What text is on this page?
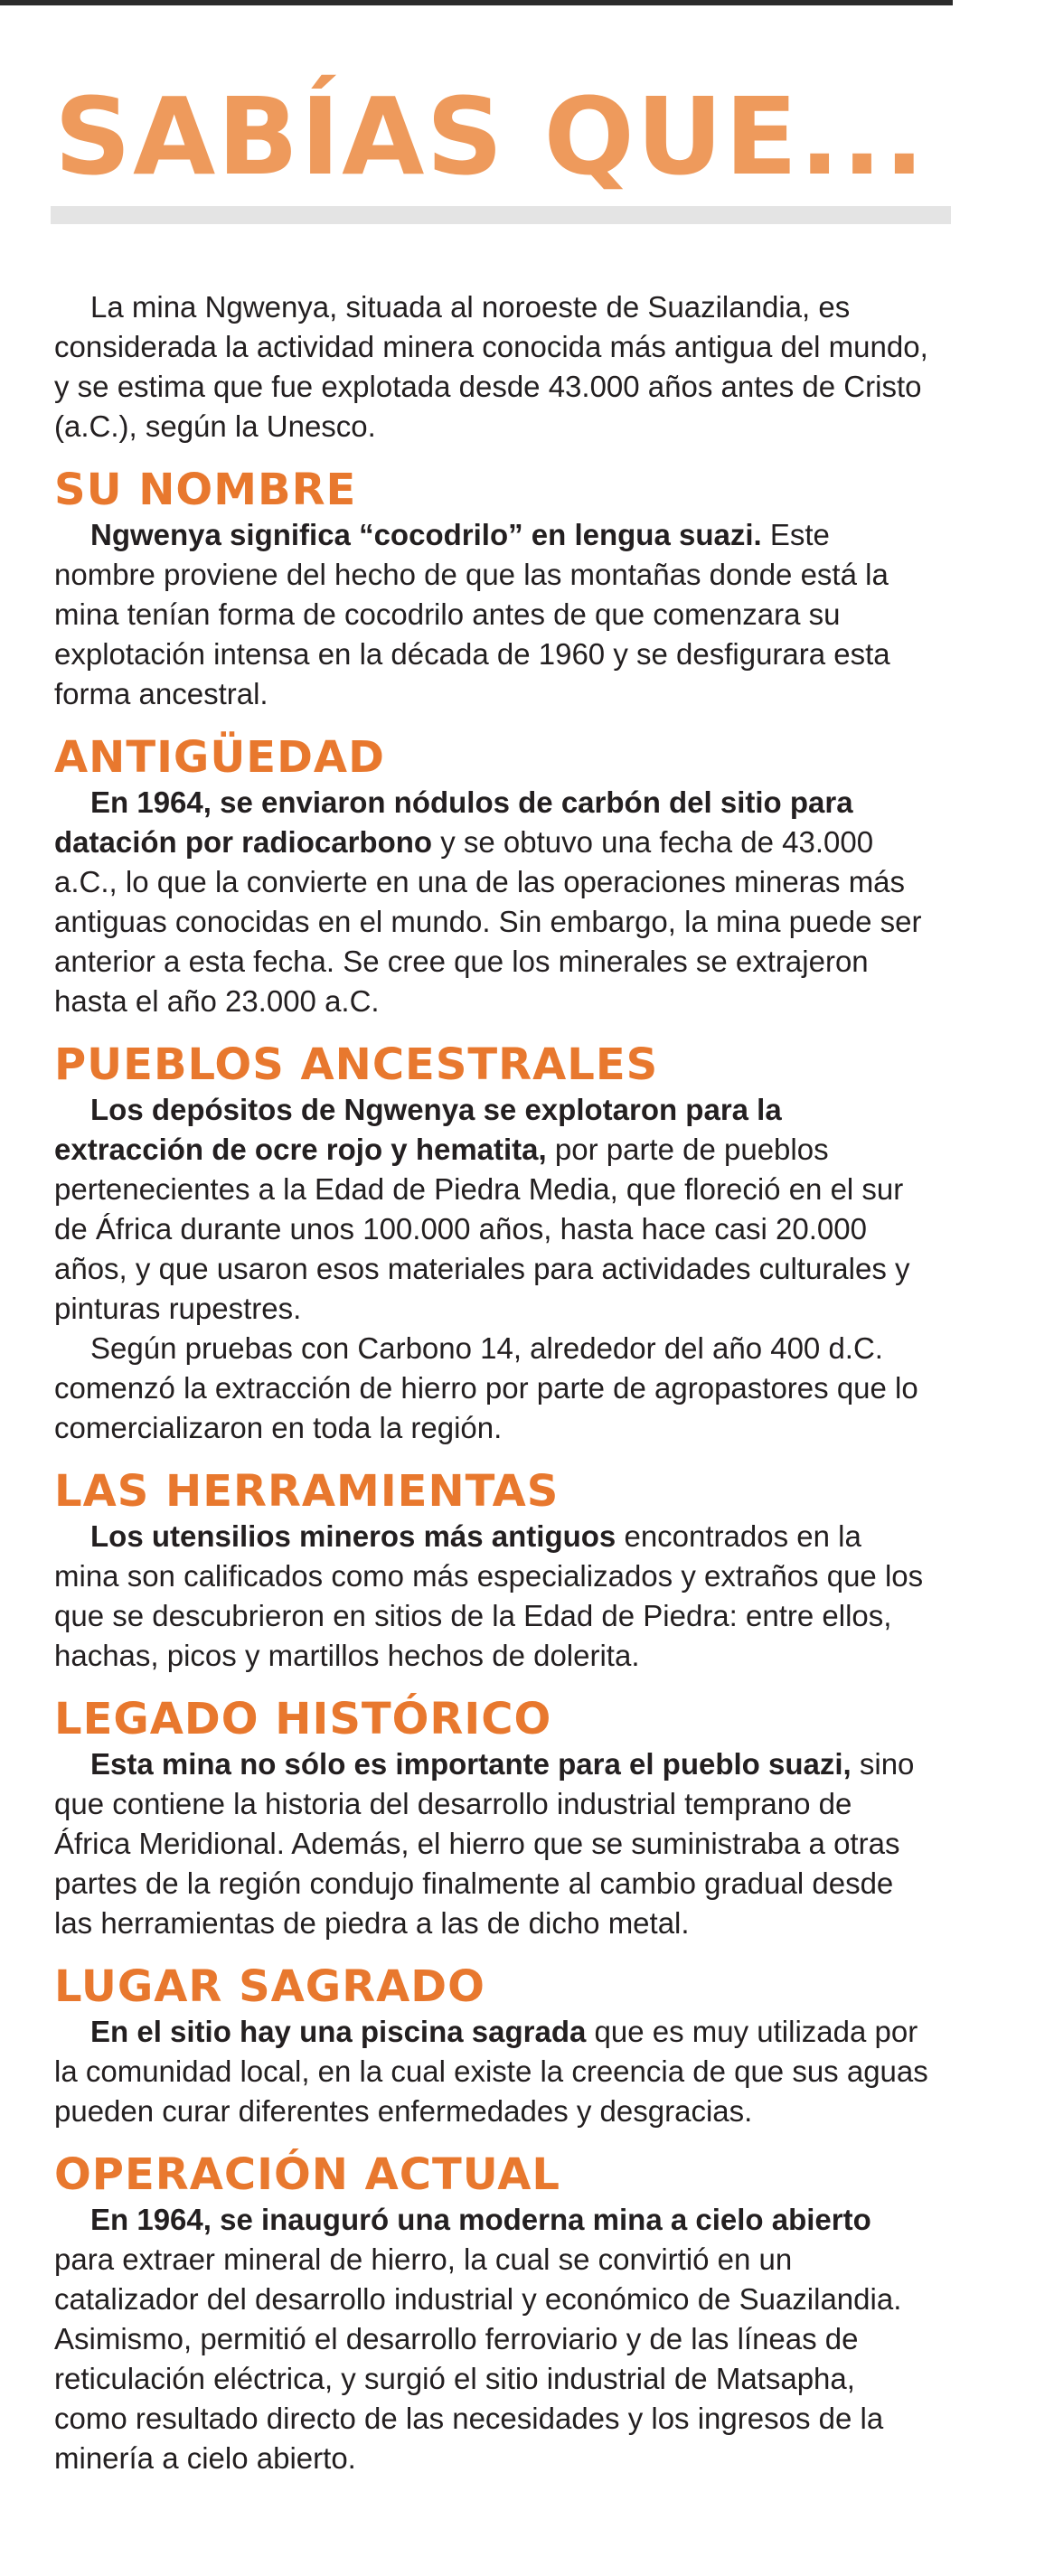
SABÍAS QUE...

La mina Ngwenya, situada al noroeste de Suazilandia, es considerada la actividad minera conocida más antigua del mundo, y se estima que fue explotada desde 43.000 años antes de Cristo (a.C.), según la Unesco.

SU NOMBRE

Ngwenya significa “cocodrilo” en lengua suazi. Este nombre proviene del hecho de que las montañas donde está la mina tenían forma de cocodrilo antes de que comenzara su explotación intensa en la década de 1960 y se desfigurara esta forma ancestral.

ANTIGÜEDAD

En 1964, se enviaron nódulos de carbón del sitio para datación por radiocarbono y se obtuvo una fecha de 43.000 a.C., lo que la convierte en una de las operaciones mineras más antiguas conocidas en el mundo. Sin embargo, la mina puede ser anterior a esta fecha. Se cree que los minerales se extrajeron hasta el año 23.000 a.C.

PUEBLOS ANCESTRALES

Los depósitos de Ngwenya se explotaron para la extracción de ocre rojo y hematita, por parte de pueblos pertenecientes a la Edad de Piedra Media, que floreció en el sur de África durante unos 100.000 años, hasta hace casi 20.000 años, y que usaron esos materiales para actividades culturales y pinturas rupestres.

Según pruebas con Carbono 14, alrededor del año 400 d.C. comenzó la extracción de hierro por parte de agropastores que lo comercializaron en toda la región.

LAS HERRAMIENTAS

Los utensilios mineros más antiguos encontrados en la mina son calificados como más especializados y extraños que los que se descubrieron en sitios de la Edad de Piedra: entre ellos, hachas, picos y martillos hechos de dolerita.

LEGADO HISTÓRICO

Esta mina no sólo es importante para el pueblo suazi, sino que contiene la historia del desarrollo industrial temprano de África Meridional. Además, el hierro que se suministraba a otras partes de la región condujo finalmente al cambio gradual desde las herramientas de piedra a las de dicho metal.

LUGAR SAGRADO

En el sitio hay una piscina sagrada que es muy utilizada por la comunidad local, en la cual existe la creencia de que sus aguas pueden curar diferentes enfermedades y desgracias.

OPERACIÓN ACTUAL

En 1964, se inauguró una moderna mina a cielo abierto para extraer mineral de hierro, la cual se convirtió en un catalizador del desarrollo industrial y económico de Suazilandia. Asimismo, permitió el desarrollo ferroviario y de las líneas de reticulación eléctrica, y surgió el sitio industrial de Matsapha, como resultado directo de las necesidades y los ingresos de la minería a cielo abierto.
